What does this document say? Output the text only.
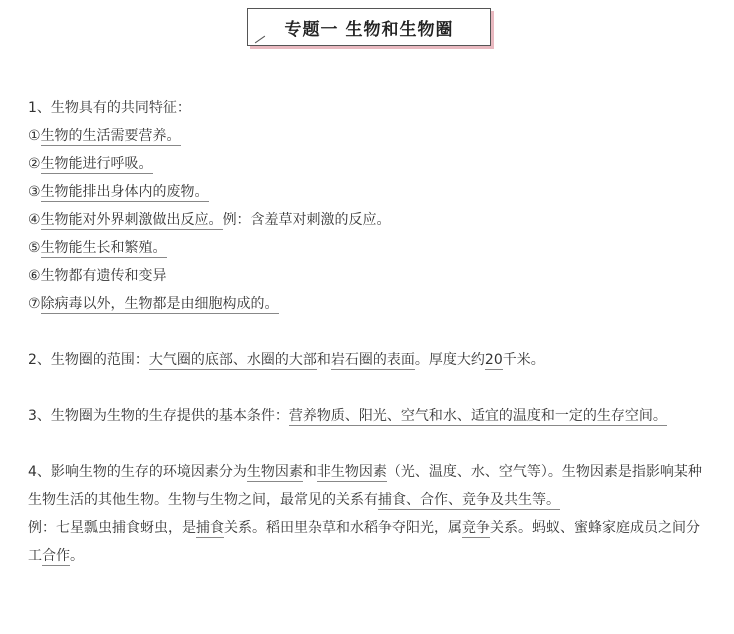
专题一 生物和生物圈

1、生物具有的共同特征：

①生物的生活需要营养。

②生物能进行呼吸。

③生物能排出身体内的废物。

④生物能对外界刺激做出反应。例：含羞草对刺激的反应。

⑤生物能生长和繁殖。

⑥生物都有遗传和变异

⑦除病毒以外，生物都是由细胞构成的。

2、生物圈的范围：大气圈的底部、水圈的大部和岩石圈的表面。厚度大约20千米。

3、生物圈为生物的生存提供的基本条件：营养物质、阳光、空气和水、适宜的温度和一定的生存空间。

4、影响生物的生存的环境因素分为生物因素和非生物因素（光、温度、水、空气等）。生物因素是指影响某种生物生活的其他生物。生物与生物之间，最常见的关系有捕食、合作、竞争及共生等。

例：七星瓢虫捕食蚜虫，是捕食关系。稻田里杂草和水稻争夺阳光，属竞争关系。蚂蚁、蜜蜂家庭成员之间分工合作。
